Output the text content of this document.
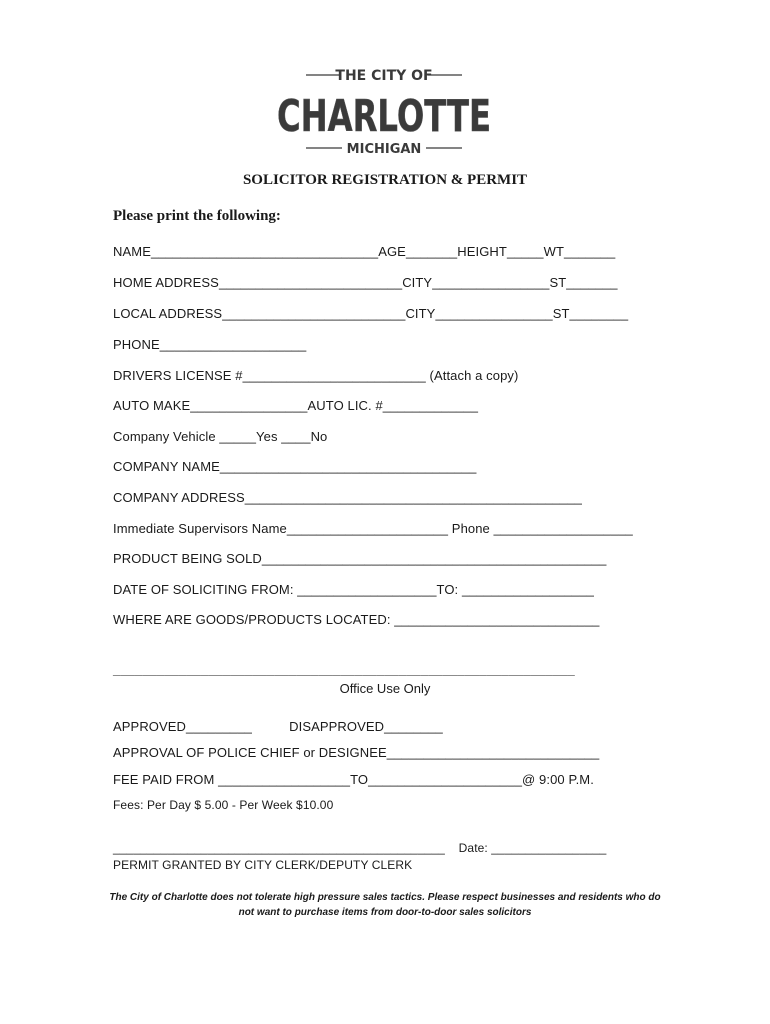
THE CITY OF
CHARLOTTE
MICHIGAN
SOLICITOR REGISTRATION & PERMIT
Please print the following:
NAME_______________________________AGE_______HEIGHT_____WT_______
HOME ADDRESS_________________________CITY________________ST_______
LOCAL ADDRESS_________________________CITY________________ST________
PHONE____________________
DRIVERS LICENSE #_________________________ (Attach a copy)
AUTO MAKE________________AUTO LIC. #_____________
Company Vehicle _____Yes ____No
COMPANY NAME___________________________________
COMPANY ADDRESS______________________________________________
Immediate Supervisors Name______________________ Phone ___________________
PRODUCT BEING SOLD_______________________________________________
DATE OF SOLICITING FROM: ___________________TO: __________________
WHERE ARE GOODS/PRODUCTS LOCATED: ____________________________
_______________________________________________________________
Office Use Only
APPROVED_________          DISAPPROVED________
APPROVAL OF POLICE CHIEF or DESIGNEE_____________________________
FEE PAID FROM __________________TO_____________________@ 9:00 P.M.
Fees: Per Day $ 5.00 - Per Week $10.00
_________________________________________________    Date: _________________
PERMIT GRANTED BY CITY CLERK/DEPUTY CLERK
The City of Charlotte does not tolerate high pressure sales tactics. Please respect businesses and residents who do not want to purchase items from door-to-door sales solicitors
